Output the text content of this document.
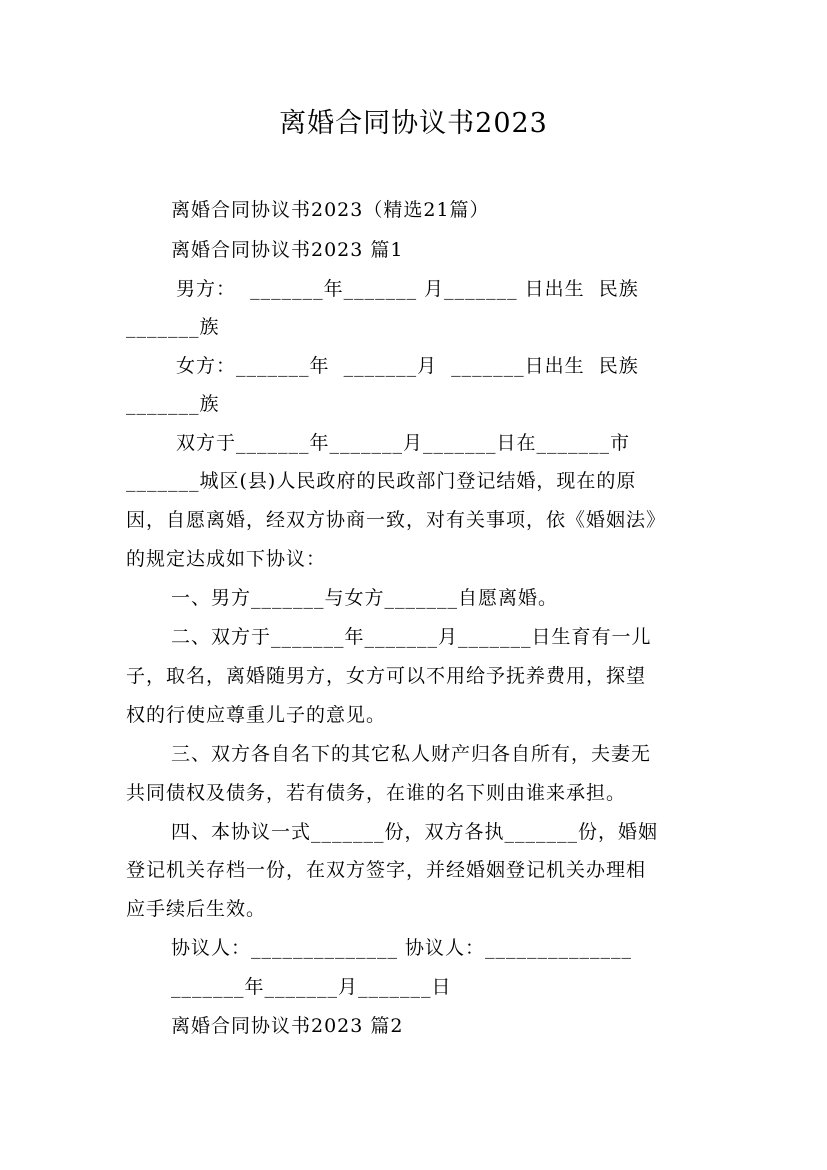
离婚合同协议书2023
离婚合同协议书2023（精选21篇）
离婚合同协议书2023 篇1
男方：  _______年_______ 月_______ 日出生  民族
_______族
女方：_______年  _______月  _______日出生  民族
_______族
双方于_______年_______月_______日在_______市
_______城区(县)人民政府的民政部门登记结婚，现在的原
因，自愿离婚，经双方协商一致，对有关事项，依《婚姻法》
的规定达成如下协议：
一、男方_______与女方_______自愿离婚。
二、双方于_______年_______月_______日生育有一儿
子，取名，离婚随男方，女方可以不用给予抚养费用，探望
权的行使应尊重儿子的意见。
三、双方各自名下的其它私人财产归各自所有，夫妻无
共同债权及债务，若有债务，在谁的名下则由谁来承担。
四、本协议一式_______份，双方各执_______份，婚姻
登记机关存档一份，在双方签字，并经婚姻登记机关办理相
应手续后生效。
协议人：______________ 协议人：______________
_______年_______月_______日
离婚合同协议书2023 篇2
